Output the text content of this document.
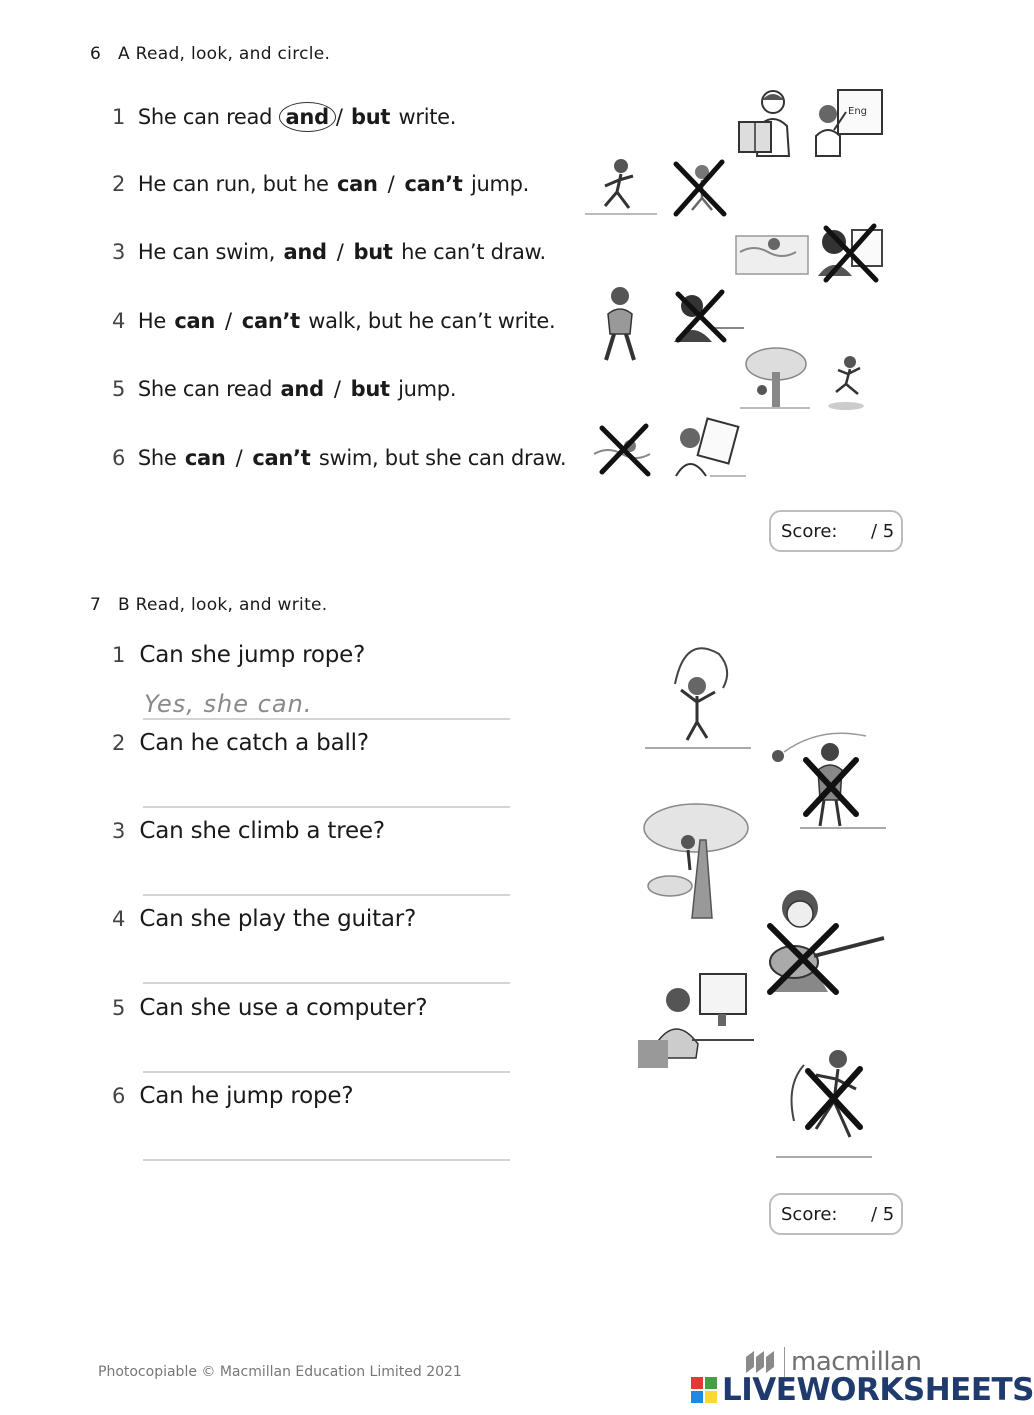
6 A Read, look, and circle.
1 She can read and / but write.
2 He can run, but he can / can’t jump.
3 He can swim, and / but he can’t draw.
4 He can / can’t walk, but he can’t write.
5 She can read and / but jump.
6 She can / can’t swim, but she can draw.
Eng
Score:	/ 5
7 B Read, look, and write.
1 Can she jump rope?
Yes, she can.
2 Can he catch a ball?
3 Can she climb a tree?
4 Can she play the guitar?
5 Can she use a computer?
6 Can he jump rope?
Score:	/ 5
Photocopiable © Macmillan Education Limited 2021	macmillan
LIVEWORKSHEETS
